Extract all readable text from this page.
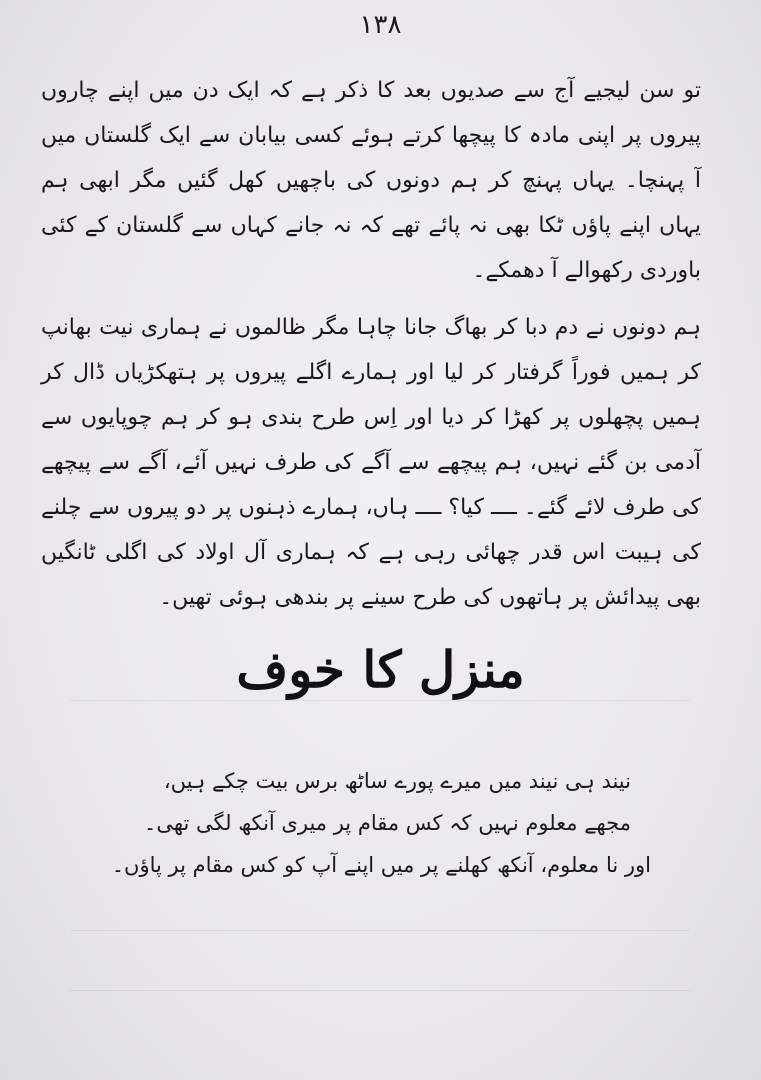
١٣٨

تو سن لیجیے آج سے صدیوں بعد کا ذکر ہے کہ ایک دن میں اپنے چاروں پیروں پر اپنی مادہ کا پیچھا کرتے ہوئے کسی بیابان سے ایک گلستاں میں آ پہنچا۔ یہاں پہنچ کر ہم دونوں کی باچھیں کھل گئیں مگر ابھی ہم یہاں اپنے پاؤں ٹکا بھی نہ پائے تھے کہ نہ جانے کہاں سے گلستان کے کئی باوردی رکھوالے آ دھمکے۔

ہم دونوں نے دم دبا کر بھاگ جانا چاہا مگر ظالموں نے ہماری نیت بھانپ کر ہمیں فوراً گرفتار کر لیا اور ہمارے اگلے پیروں پر ہتھکڑیاں ڈال کر ہمیں پچھلوں پر کھڑا کر دیا اور اِس طرح بندی ہو کر ہم چوپایوں سے آدمی بن گئے نہیں، ہم پیچھے سے آگے کی طرف نہیں آئے، آگے سے پیچھے کی طرف لائے گئے۔ ــــ کیا؟ ــــ ہاں، ہمارے ذہنوں پر دو پیروں سے چلنے کی ہیبت اس قدر چھائی رہی ہے کہ ہماری آل اولاد کی اگلی ٹانگیں بھی پیدائش پر ہاتھوں کی طرح سینے پر بندھی ہوئی تھیں۔

منزل کا خوف

نیند ہی نیند میں میرے پورے ساٹھ برس بیت چکے ہیں،

مجھے معلوم نہیں کہ کس مقام پر میری آنکھ لگی تھی۔

اور نا معلوم، آنکھ کھلنے پر میں اپنے آپ کو کس مقام پر پاؤں۔
